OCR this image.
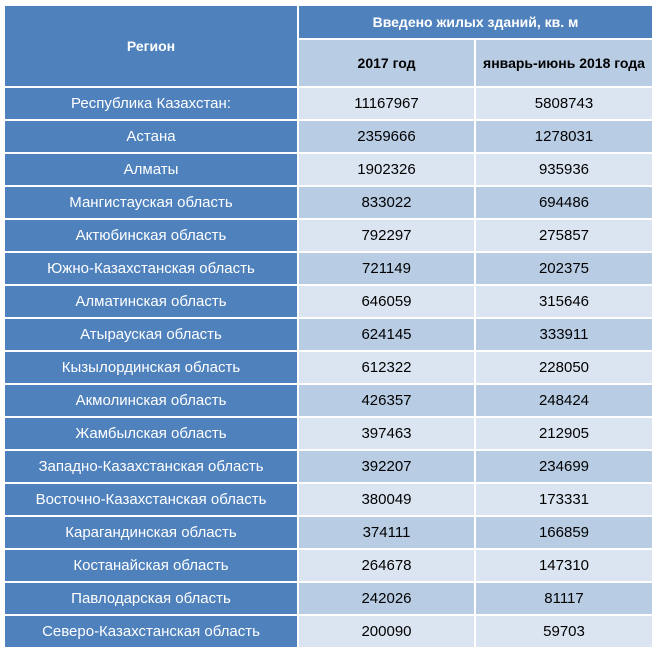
Регион	Введено жилых зданий, кв. м	
	2017 год	январь-июнь 2018 года
Республика Казахстан:	11167967	5808743
Астана	2359666	1278031
Алматы	1902326	935936
Мангистауская область	833022	694486
Актюбинская область	792297	275857
Южно-Казахстанская область	721149	202375
Алматинская область	646059	315646
Атырауская область	624145	333911
Кызылординская область	612322	228050
Акмолинская область	426357	248424
Жамбылская область	397463	212905
Западно-Казахстанская область	392207	234699
Восточно-Казахстанская область	380049	173331
Карагандинская область	374111	166859
Костанайская область	264678	147310
Павлодарская область	242026	81117
Северо-Казахстанская область	200090	59703
